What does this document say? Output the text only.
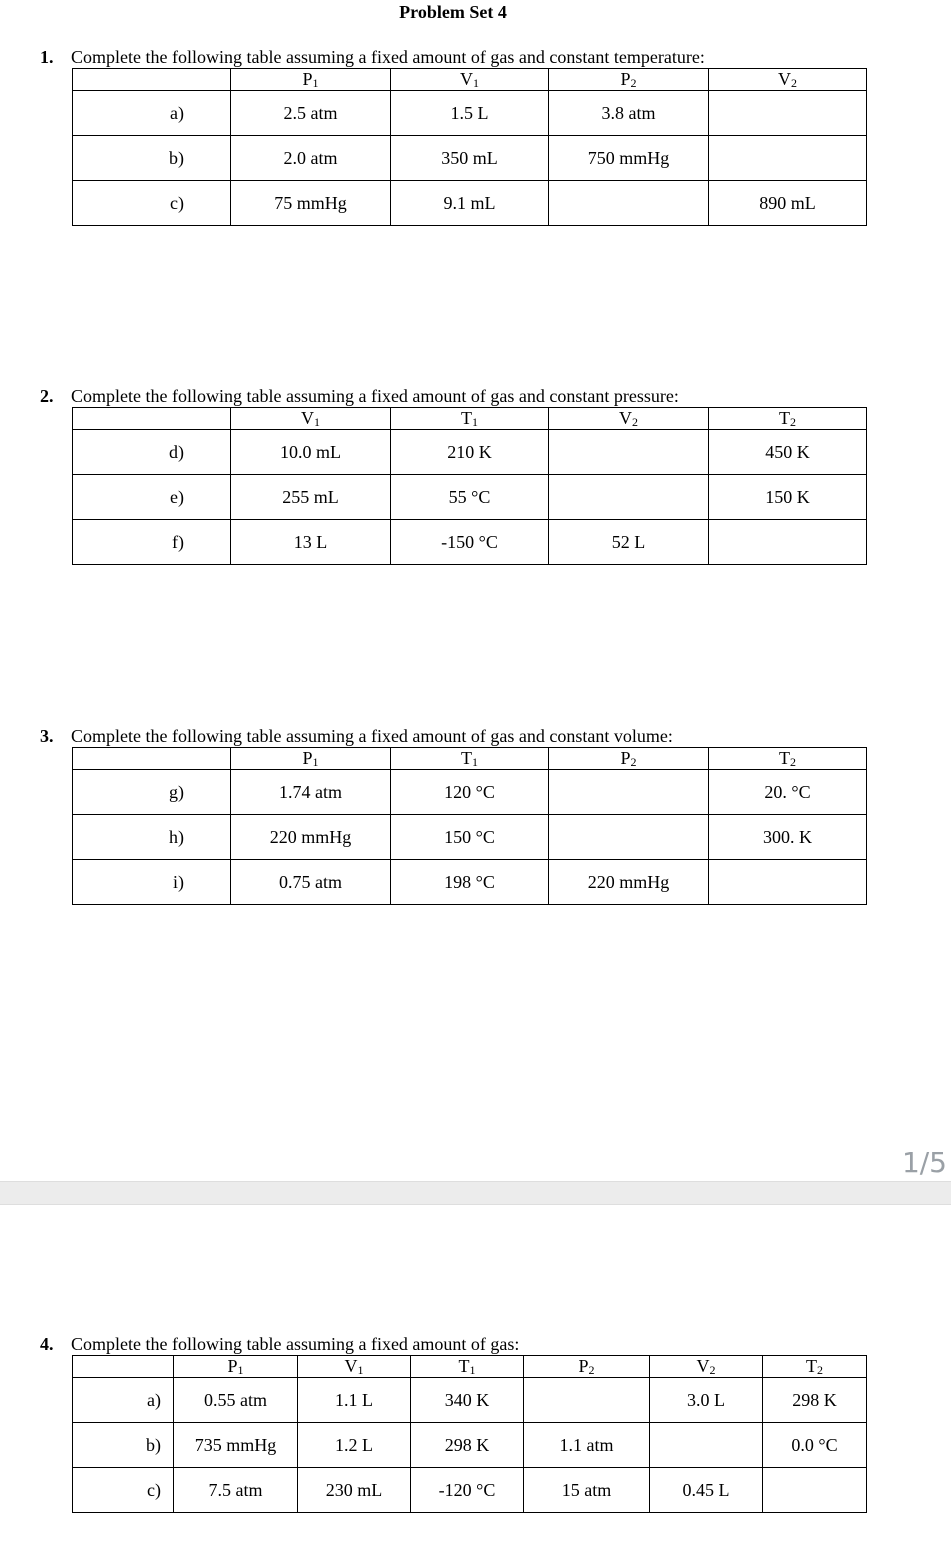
Problem Set 4
1. Complete the following table assuming a fixed amount of gas and constant temperature:
	$P_1$	$V_1$	$P_2$	$V_2$
a)	2.5 atm	1.5 L	3.8 atm	
b)	2.0 atm	350 mL	750 mmHg	
c)	75 mmHg	9.1 mL		890 mL
2. Complete the following table assuming a fixed amount of gas and constant pressure:
	$V_1$	$T_1$	$V_2$	$T_2$
d)	10.0 mL	210 K		450 K
e)	255 mL	55 °C		150 K
f)	13 L	-150 °C	52 L	
3. Complete the following table assuming a fixed amount of gas and constant volume:
	$P_1$	$T_1$	$P_2$	$T_2$
g)	1.74 atm	120 °C		20. °C
h)	220 mmHg	150 °C		300. K
i)	0.75 atm	198 °C	220 mmHg	
1/5
4. Complete the following table assuming a fixed amount of gas:
	$P_1$	$V_1$	$T_1$	$P_2$	$V_2$	$T_2$
a)	0.55 atm	1.1 L	340 K		3.0 L	298 K
b)	735 mmHg	1.2 L	298 K	1.1 atm		0.0 °C
c)	7.5 atm	230 mL	-120 °C	15 atm	0.45 L	
